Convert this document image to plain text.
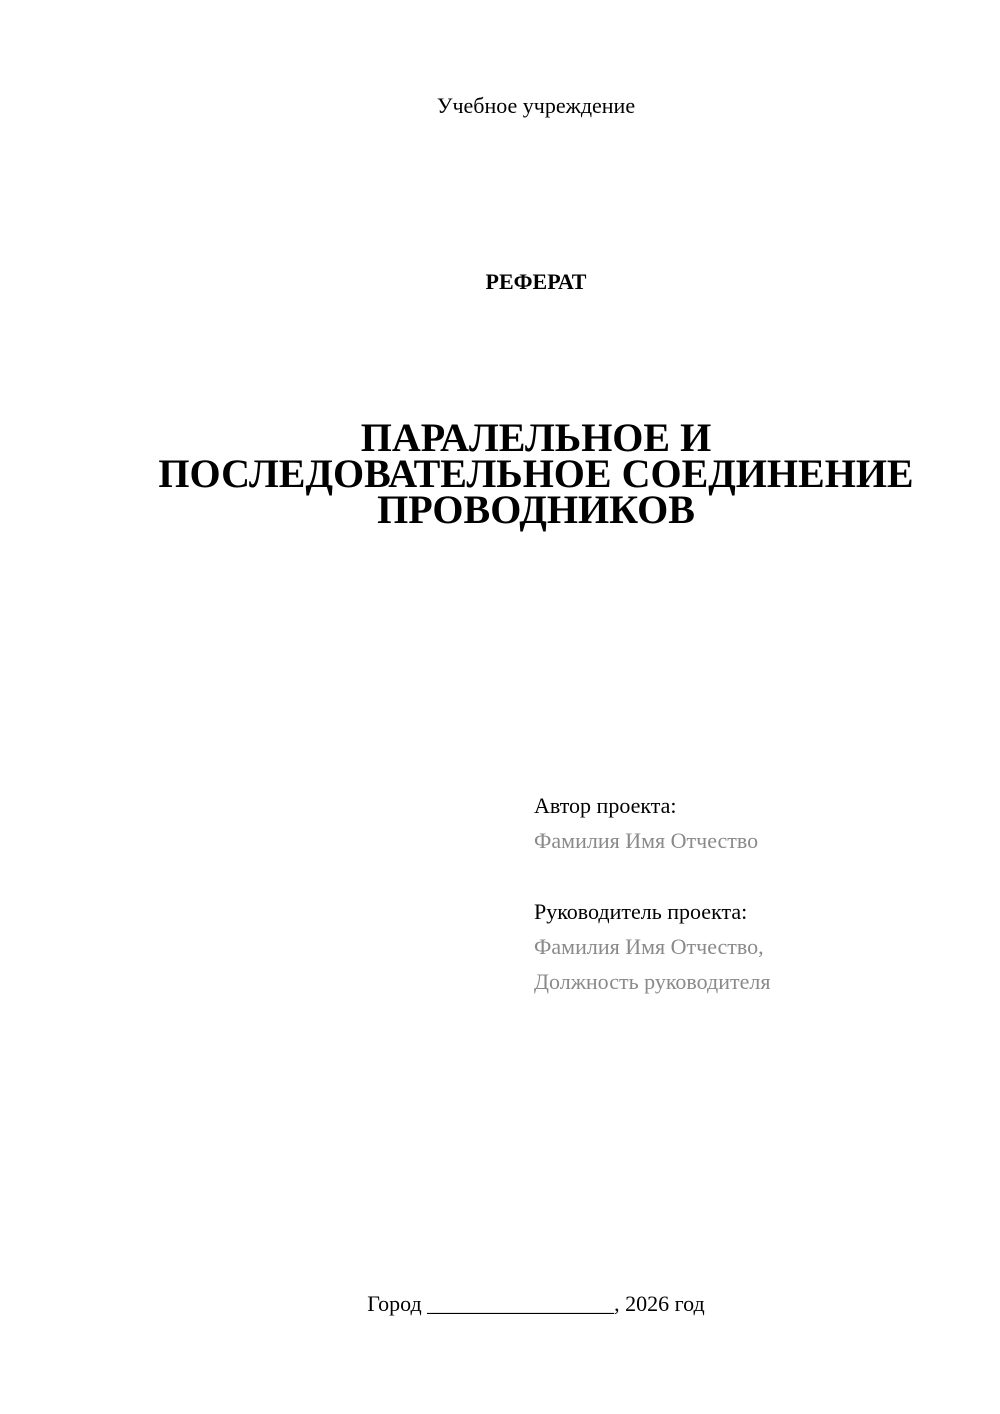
Учебное учреждение
РЕФЕРАТ
ПАРАЛЕЛЬНОЕ И
ПОСЛЕДОВАТЕЛЬНОЕ СОЕДИНЕНИЕ
ПРОВОДНИКОВ
Автор проекта:
Фамилия Имя Отчество
Руководитель проекта:
Фамилия Имя Отчество,
Должность руководителя
Город _________________, 2026 год
